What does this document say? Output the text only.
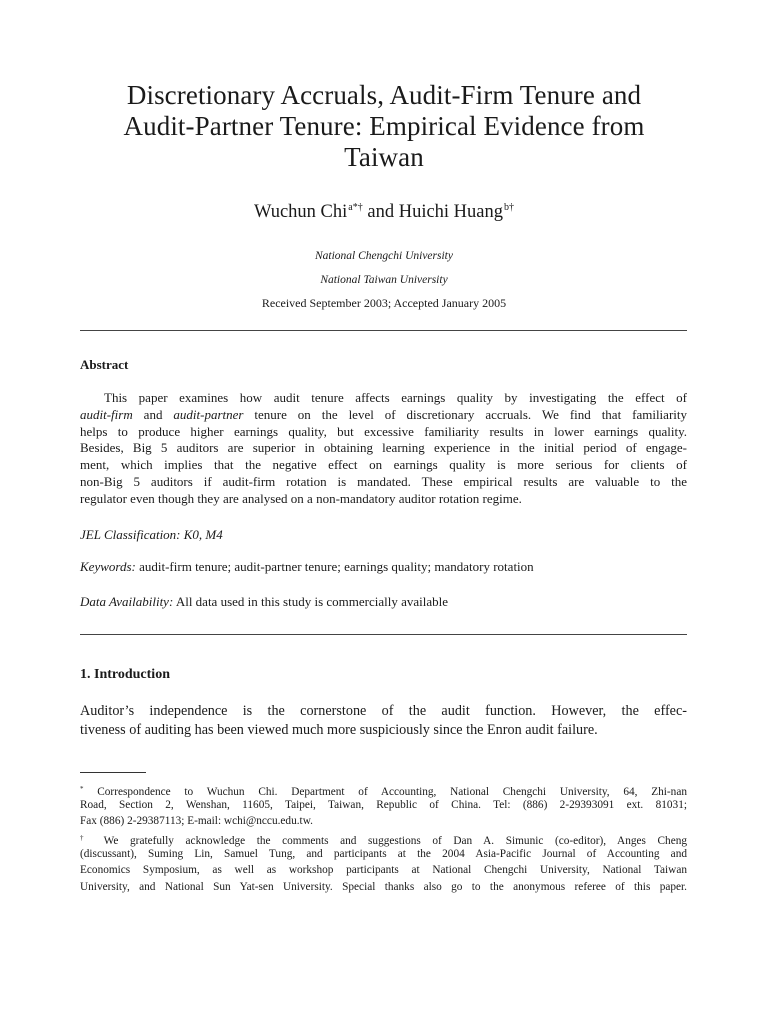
Discretionary Accruals, Audit-Firm Tenure and
Audit-Partner Tenure: Empirical Evidence from
Taiwan
Wuchun Chi$^{a*\dagger}$ and Huichi Huang$^{b\dagger}$
National Chengchi University
National Taiwan University
Received September 2003; Accepted January 2005
Abstract
This paper examines how audit tenure affects earnings quality by investigating the effect of
audit-firm and audit-partner tenure on the level of discretionary accruals. We find that familiarity
helps to produce higher earnings quality, but excessive familiarity results in lower earnings quality.
Besides, Big 5 auditors are superior in obtaining learning experience in the initial period of engage-
ment, which implies that the negative effect on earnings quality is more serious for clients of
non-Big 5 auditors if audit-firm rotation is mandated. These empirical results are valuable to the
regulator even though they are analysed on a non-mandatory auditor rotation regime.
JEL Classification: K0, M4
Keywords: audit-firm tenure; audit-partner tenure; earnings quality; mandatory rotation
Data Availability: All data used in this study is commercially available
1. Introduction
Auditor’s independence is the cornerstone of the audit function. However, the effec-
tiveness of auditing has been viewed much more suspiciously since the Enron audit failure.
* Correspondence to Wuchun Chi. Department of Accounting, National Chengchi University, 64, Zhi-nan
Road, Section 2, Wenshan, 11605, Taipei, Taiwan, Republic of China. Tel: (886) 2-29393091 ext. 81031;
Fax (886) 2-29387113; E-mail: wchi@nccu.edu.tw.
† We gratefully acknowledge the comments and suggestions of Dan A. Simunic (co-editor), Anges Cheng
(discussant), Suming Lin, Samuel Tung, and participants at the 2004 Asia-Pacific Journal of Accounting and
Economics Symposium, as well as workshop participants at National Chengchi University, National Taiwan
University, and National Sun Yat-sen University. Special thanks also go to the anonymous referee of this paper.
